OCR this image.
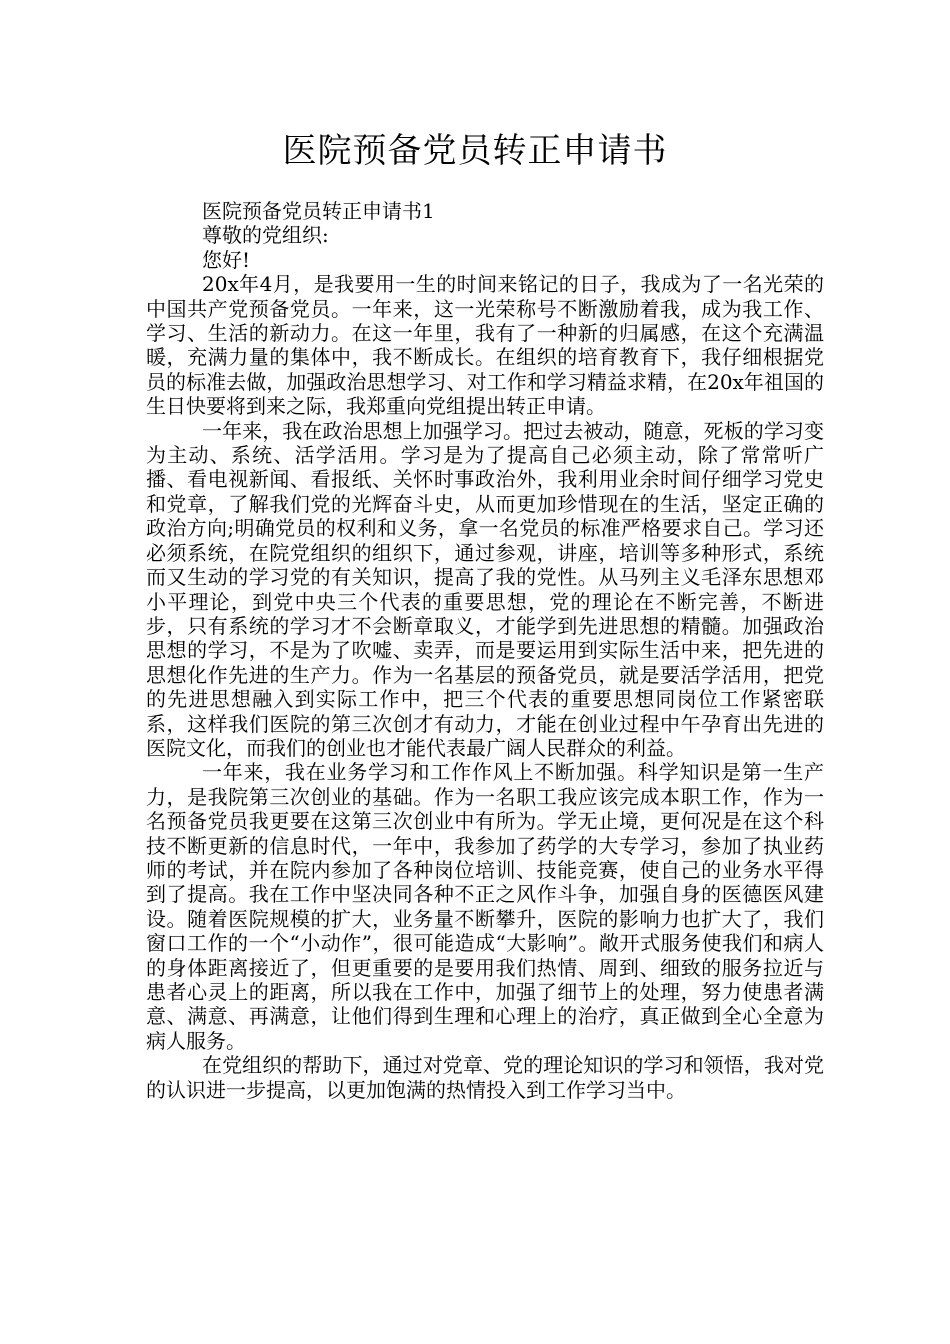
医院预备党员转正申请书

医院预备党员转正申请书1

尊敬的党组织:

您好!

20x年4月，是我要用一生的时间来铭记的日子，我成为了一名光荣的中国共产党预备党员。一年来，这一光荣称号不断激励着我，成为我工作、学习、生活的新动力。在这一年里，我有了一种新的归属感，在这个充满温暖，充满力量的集体中，我不断成长。在组织的培育教育下，我仔细根据党员的标准去做，加强政治思想学习、对工作和学习精益求精，在20x年祖国的生日快要将到来之际，我郑重向党组提出转正申请。

一年来，我在政治思想上加强学习。把过去被动，随意，死板的学习变为主动、系统、活学活用。学习是为了提高自己必须主动，除了常常听广播、看电视新闻、看报纸、关怀时事政治外，我利用业余时间仔细学习党史和党章，了解我们党的光辉奋斗史，从而更加珍惜现在的生活，坚定正确的政治方向;明确党员的权利和义务，拿一名党员的标准严格要求自己。学习还必须系统，在院党组织的组织下，通过参观，讲座，培训等多种形式，系统而又生动的学习党的有关知识，提高了我的党性。从马列主义毛泽东思想邓小平理论，到党中央三个代表的重要思想，党的理论在不断完善，不断进步，只有系统的学习才不会断章取义，才能学到先进思想的精髓。加强政治思想的学习，不是为了吹嘘、卖弄，而是要运用到实际生活中来，把先进的思想化作先进的生产力。作为一名基层的预备党员，就是要活学活用，把党的先进思想融入到实际工作中，把三个代表的重要思想同岗位工作紧密联系，这样我们医院的第三次创才有动力，才能在创业过程中午孕育出先进的医院文化，而我们的创业也才能代表最广阔人民群众的利益。

一年来，我在业务学习和工作作风上不断加强。科学知识是第一生产力，是我院第三次创业的基础。作为一名职工我应该完成本职工作，作为一名预备党员我更要在这第三次创业中有所为。学无止境，更何况是在这个科技不断更新的信息时代，一年中，我参加了药学的大专学习，参加了执业药师的考试，并在院内参加了各种岗位培训、技能竞赛，使自己的业务水平得到了提高。我在工作中坚决同各种不正之风作斗争，加强自身的医德医风建设。随着医院规模的扩大，业务量不断攀升，医院的影响力也扩大了，我们窗口工作的一个“小动作”，很可能造成“大影响”。敞开式服务使我们和病人的身体距离接近了，但更重要的是要用我们热情、周到、细致的服务拉近与患者心灵上的距离，所以我在工作中，加强了细节上的处理，努力使患者满意、满意、再满意，让他们得到生理和心理上的治疗，真正做到全心全意为病人服务。

在党组织的帮助下，通过对党章、党的理论知识的学习和领悟，我对党的认识进一步提高，以更加饱满的热情投入到工作学习当中。
